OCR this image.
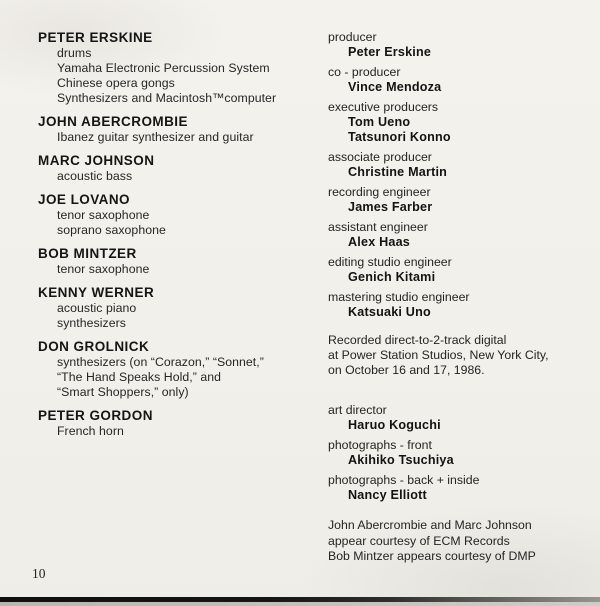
PETER ERSKINE
drums
Yamaha Electronic Percussion System
Chinese opera gongs
Synthesizers and Macintosh™computer
JOHN ABERCROMBIE
Ibanez guitar synthesizer and guitar
MARC JOHNSON
acoustic bass
JOE LOVANO
tenor saxophone
soprano saxophone
BOB MINTZER
tenor saxophone
KENNY WERNER
acoustic piano
synthesizers
DON GROLNICK
synthesizers (on “Corazon,” “Sonnet,”
“The Hand Speaks Hold,” and
“Smart Shoppers,” only)
PETER GORDON
French horn
producer
Peter Erskine
co - producer
Vince Mendoza
executive producers
Tom Ueno
Tatsunori Konno
associate producer
Christine Martin
recording engineer
James Farber
assistant engineer
Alex Haas
editing studio engineer
Genich Kitami
mastering studio engineer
Katsuaki Uno
Recorded direct-to-2-track digital
at Power Station Studios, New York City,
on October 16 and 17, 1986.
art director
Haruo Koguchi
photographs - front
Akihiko Tsuchiya
photographs - back + inside
Nancy Elliott
John Abercrombie and Marc Johnson
appear courtesy of ECM Records
Bob Mintzer appears courtesy of DMP
10
